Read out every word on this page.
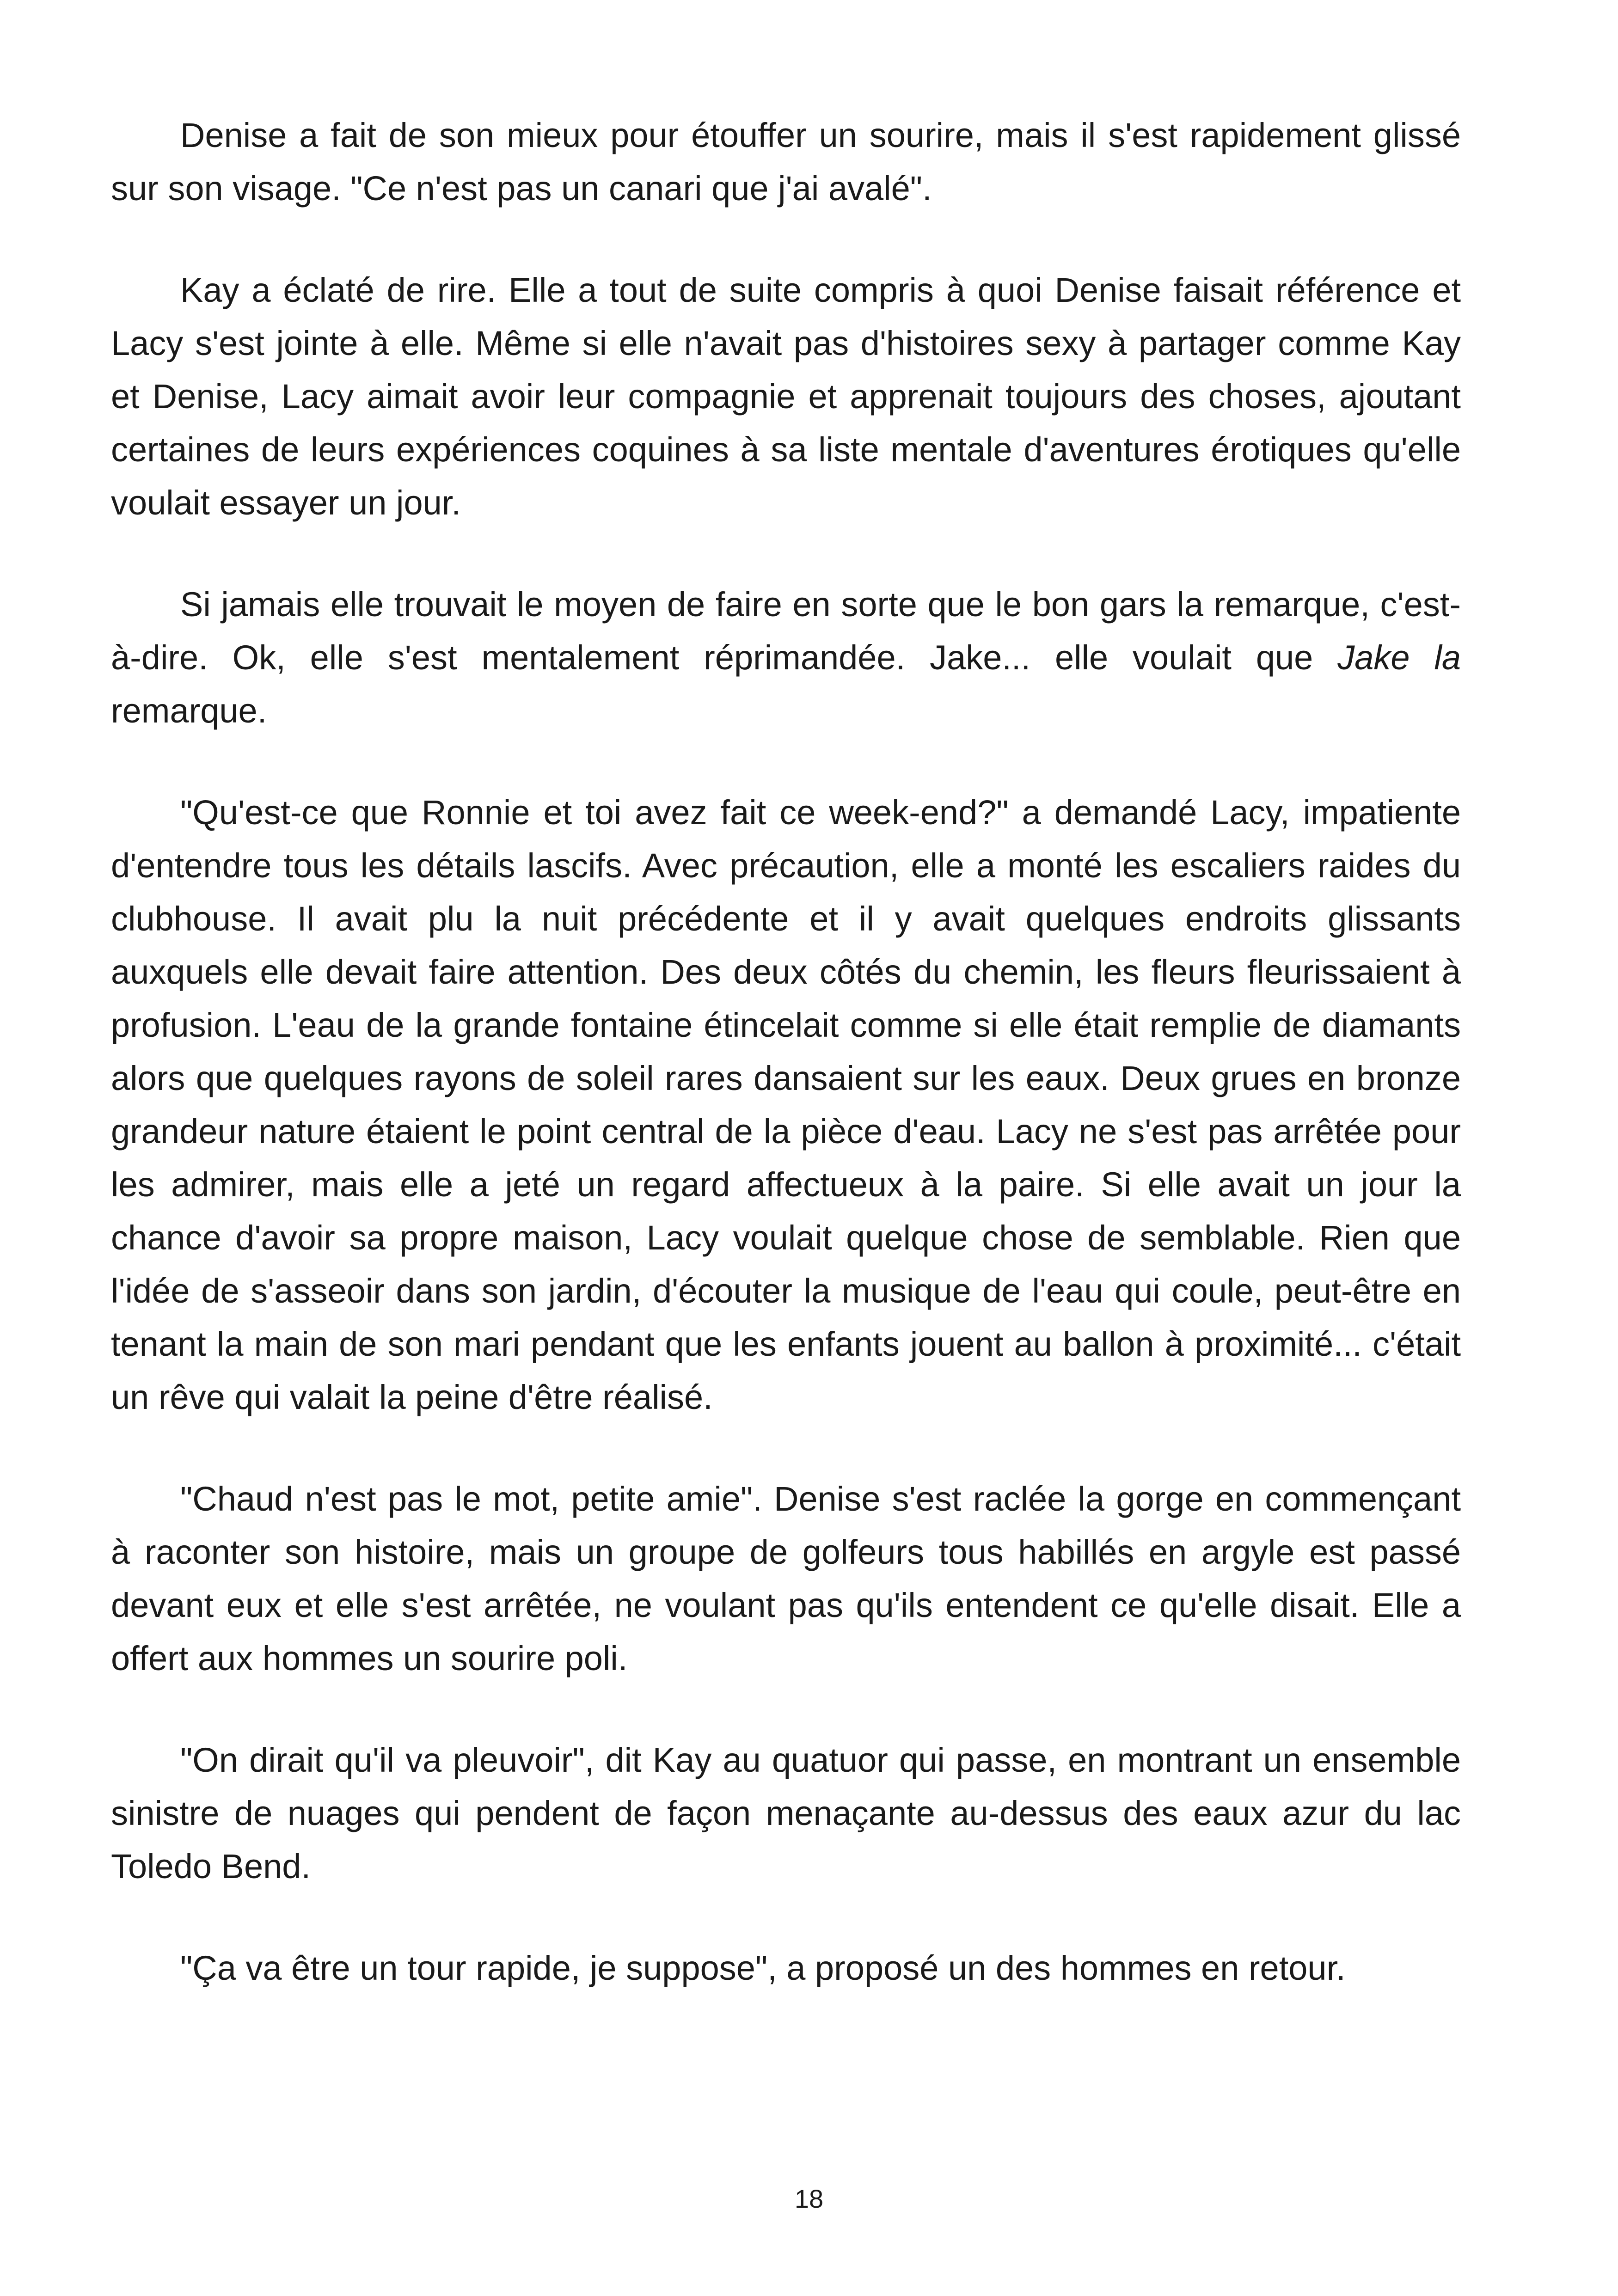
Denise a fait de son mieux pour étouffer un sourire, mais il s'est rapidement glissé sur son visage. "Ce n'est pas un canari que j'ai avalé".

Kay a éclaté de rire. Elle a tout de suite compris à quoi Denise faisait référence et Lacy s'est jointe à elle. Même si elle n'avait pas d'histoires sexy à partager comme Kay et Denise, Lacy aimait avoir leur compagnie et apprenait toujours des choses, ajoutant certaines de leurs expériences coquines à sa liste mentale d'aventures érotiques qu'elle voulait essayer un jour.

Si jamais elle trouvait le moyen de faire en sorte que le bon gars la remarque, c'est-à-dire. Ok, elle s'est mentalement réprimandée. Jake... elle voulait que Jake la remarque.

"Qu'est-ce que Ronnie et toi avez fait ce week-end?" a demandé Lacy, impatiente d'entendre tous les détails lascifs. Avec précaution, elle a monté les escaliers raides du clubhouse. Il avait plu la nuit précédente et il y avait quelques endroits glissants auxquels elle devait faire attention. Des deux côtés du chemin, les fleurs fleurissaient à profusion. L'eau de la grande fontaine étincelait comme si elle était remplie de diamants alors que quelques rayons de soleil rares dansaient sur les eaux. Deux grues en bronze grandeur nature étaient le point central de la pièce d'eau. Lacy ne s'est pas arrêtée pour les admirer, mais elle a jeté un regard affectueux à la paire. Si elle avait un jour la chance d'avoir sa propre maison, Lacy voulait quelque chose de semblable. Rien que l'idée de s'asseoir dans son jardin, d'écouter la musique de l'eau qui coule, peut-être en tenant la main de son mari pendant que les enfants jouent au ballon à proximité... c'était un rêve qui valait la peine d'être réalisé.

"Chaud n'est pas le mot, petite amie". Denise s'est raclée la gorge en commençant à raconter son histoire, mais un groupe de golfeurs tous habillés en argyle est passé devant eux et elle s'est arrêtée, ne voulant pas qu'ils entendent ce qu'elle disait. Elle a offert aux hommes un sourire poli.

"On dirait qu'il va pleuvoir", dit Kay au quatuor qui passe, en montrant un ensemble sinistre de nuages qui pendent de façon menaçante au-dessus des eaux azur du lac Toledo Bend.

"Ça va être un tour rapide, je suppose", a proposé un des hommes en retour.

18
